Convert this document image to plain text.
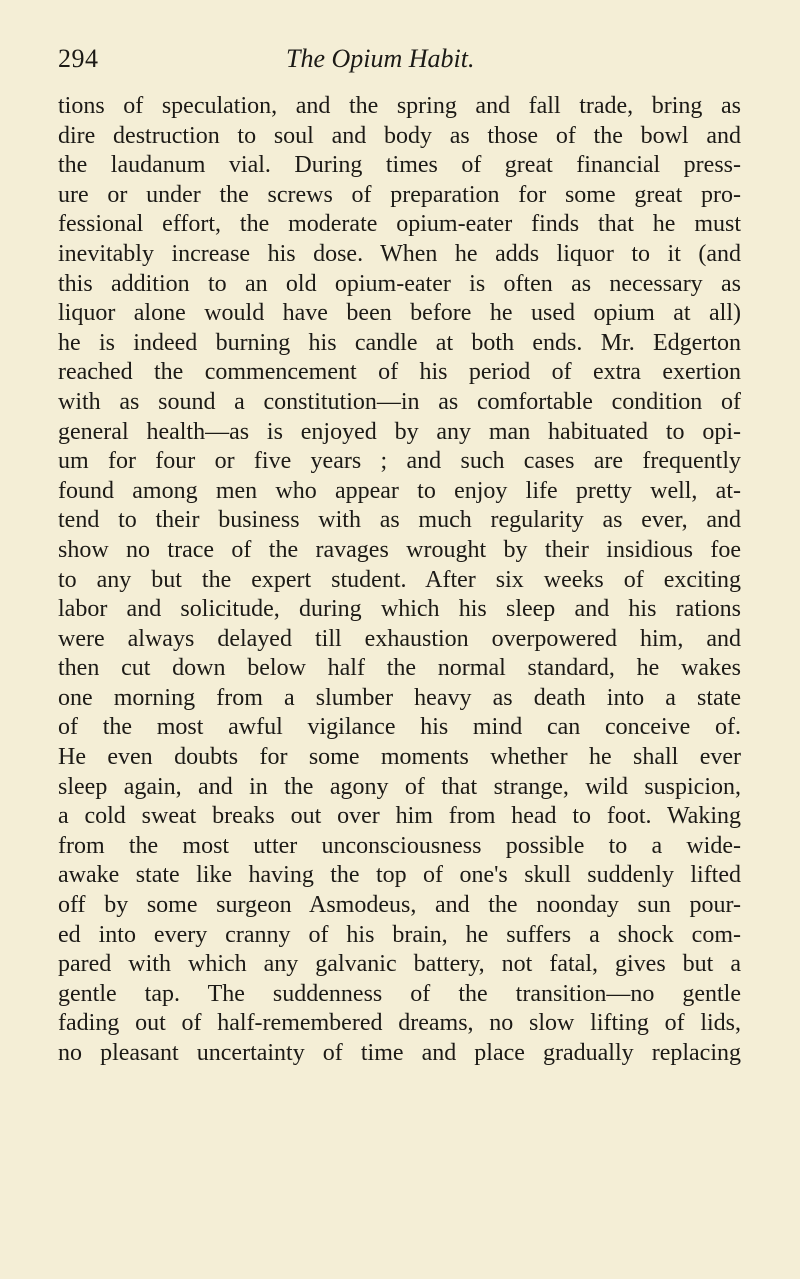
294	The Opium Habit.
tions of speculation, and the spring and fall trade, bring as
dire destruction to soul and body as those of the bowl and
the laudanum vial. During times of great financial press-
ure or under the screws of preparation for some great pro-
fessional effort, the moderate opium-eater finds that he must
inevitably increase his dose. When he adds liquor to it (and
this addition to an old opium-eater is often as necessary as
liquor alone would have been before he used opium at all)
he is indeed burning his candle at both ends. Mr. Edgerton
reached the commencement of his period of extra exertion
with as sound a constitution—in as comfortable condition of
general health—as is enjoyed by any man habituated to opi-
um for four or five years ; and such cases are frequently
found among men who appear to enjoy life pretty well, at-
tend to their business with as much regularity as ever, and
show no trace of the ravages wrought by their insidious foe
to any but the expert student. After six weeks of exciting
labor and solicitude, during which his sleep and his rations
were always delayed till exhaustion overpowered him, and
then cut down below half the normal standard, he wakes
one morning from a slumber heavy as death into a state
of the most awful vigilance his mind can conceive of.
He even doubts for some moments whether he shall ever
sleep again, and in the agony of that strange, wild suspicion,
a cold sweat breaks out over him from head to foot. Waking
from the most utter unconsciousness possible to a wide-
awake state like having the top of one's skull suddenly lifted
off by some surgeon Asmodeus, and the noonday sun pour-
ed into every cranny of his brain, he suffers a shock com-
pared with which any galvanic battery, not fatal, gives but a
gentle tap. The suddenness of the transition—no gentle
fading out of half-remembered dreams, no slow lifting of lids,
no pleasant uncertainty of time and place gradually replacing
